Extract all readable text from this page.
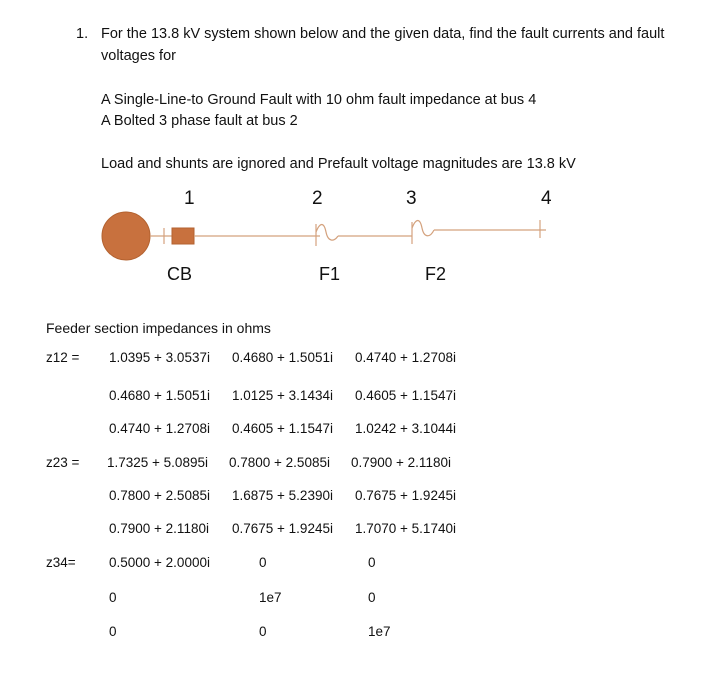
1. For the 13.8 kV system shown below and the given data, find the fault currents and fault
voltages for
A Single-Line-to Ground Fault with 10 ohm fault impedance at bus 4
A Bolted 3 phase fault at bus 2
Load and shunts are ignored and Prefault voltage magnitudes are 13.8 kV
1	2	3	4
CB	F1	F2
Feeder section impedances in ohms
z12 = 1.0395 + 3.0537i 0.4680 + 1.5051i 0.4740 + 1.2708i
0.4680 + 1.5051i 1.0125 + 3.1434i 0.4605 + 1.1547i
0.4740 + 1.2708i 0.4605 + 1.1547i 1.0242 + 3.1044i
z23 = 1.7325 + 5.0895i 0.7800 + 2.5085i 0.7900 + 2.1180i
0.7800 + 2.5085i 1.6875 + 5.2390i 0.7675 + 1.9245i
0.7900 + 2.1180i 0.7675 + 1.9245i 1.7070 + 5.1740i
z34= 0.5000 + 2.0000i	0	0
0	1e7	0
0	0	1e7
